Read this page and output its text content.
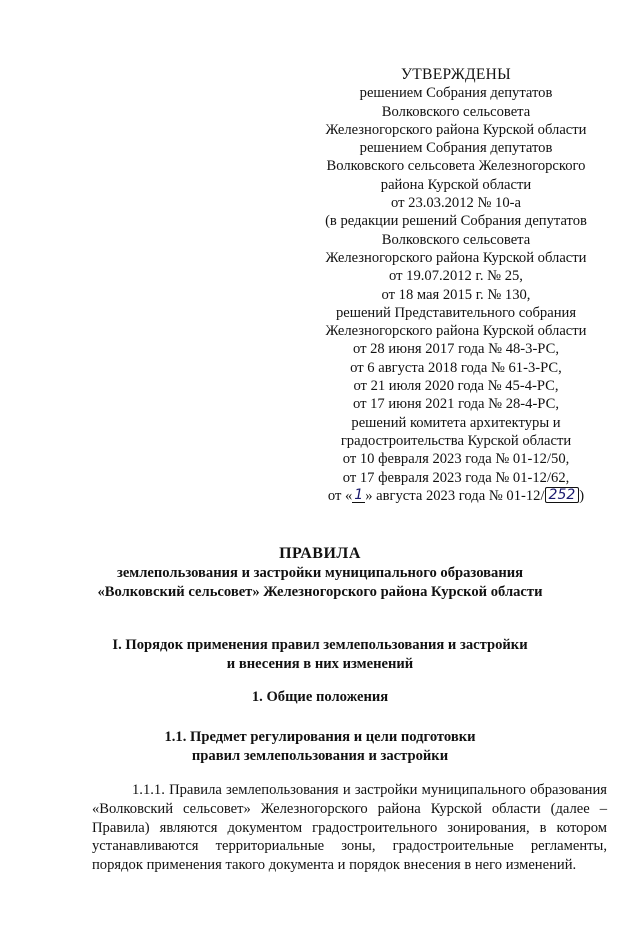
УТВЕРЖДЕНЫ
решением Собрания депутатов
Волковского сельсовета
Железногорского района Курской области
решением Собрания депутатов
Волковского сельсовета Железногорского
района Курской области
от 23.03.2012 № 10-а
(в редакции решений Собрания депутатов
Волковского сельсовета
Железногорского района Курской области
от 19.07.2012 г. № 25,
от 18 мая 2015 г. № 130,
решений Представительного собрания
Железногорского района Курской области
от 28 июня 2017 года № 48-3-РС,
от 6 августа 2018 года № 61-3-РС,
от 21 июля 2020 года № 45-4-РС,
от 17 июня 2021 года № 28-4-РС,
решений комитета архитектуры и
градостроительства Курской области
от 10 февраля 2023 года № 01-12/50,
от 17 февраля 2023 года № 01-12/62,
от « 1 » августа 2023 года № 01-12/ 252 )
ПРАВИЛА
землепользования и застройки муниципального образования
«Волковский сельсовет» Железногорского района Курской области
I. Порядок применения правил землепользования и застройки
и внесения в них изменений
1. Общие положения
1.1. Предмет регулирования и цели подготовки
правил землепользования и застройки
1.1.1. Правила землепользования и застройки муниципального образования «Волковский сельсовет» Железногорского района Курской области (далее – Правила) являются документом градостроительного зонирования, в котором устанавливаются территориальные зоны, градостроительные регламенты, порядок применения такого документа и порядок внесения в него изменений.
